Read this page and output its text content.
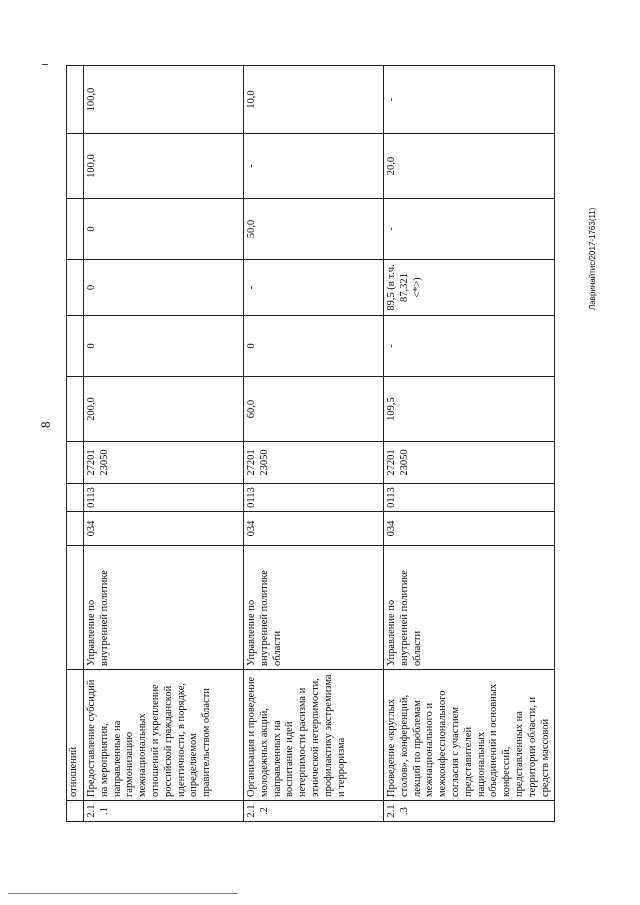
8
Лавринайтис/2017-1763(11)
	отношений										
2.1.1	Предоставление субсидий на мероприятия, направленные на гармонизацию межнациональных отношений и укрепление российской гражданской идентичности, в порядке, определяемом правительством области	Управление по внутренней политике	034	0113	27201 23050	200,0	0	0	0	100,0	100,0
2.1.2	Организация и проведение молодежных акций, направленных на воспитание идей нетерпимости расизма и этнической нетерпимости, профилактику экстремизма и терроризма	Управление по внутренней политике области	034	0113	27201 23050	60,0	0	-	50,0	-	10,0
2.1.3	Проведение «круглых столов», конференций, лекций по проблемам межнационального и межконфессионального согласия с участием представителей национальных объединений и основных конфессий, представленных на территории области, и средств массовой	Управление по внутренней политике области	034	0113	27201 23050	109,5	-	89,5 (в т.ч. 87,321 <*>)	-	20,0	-
